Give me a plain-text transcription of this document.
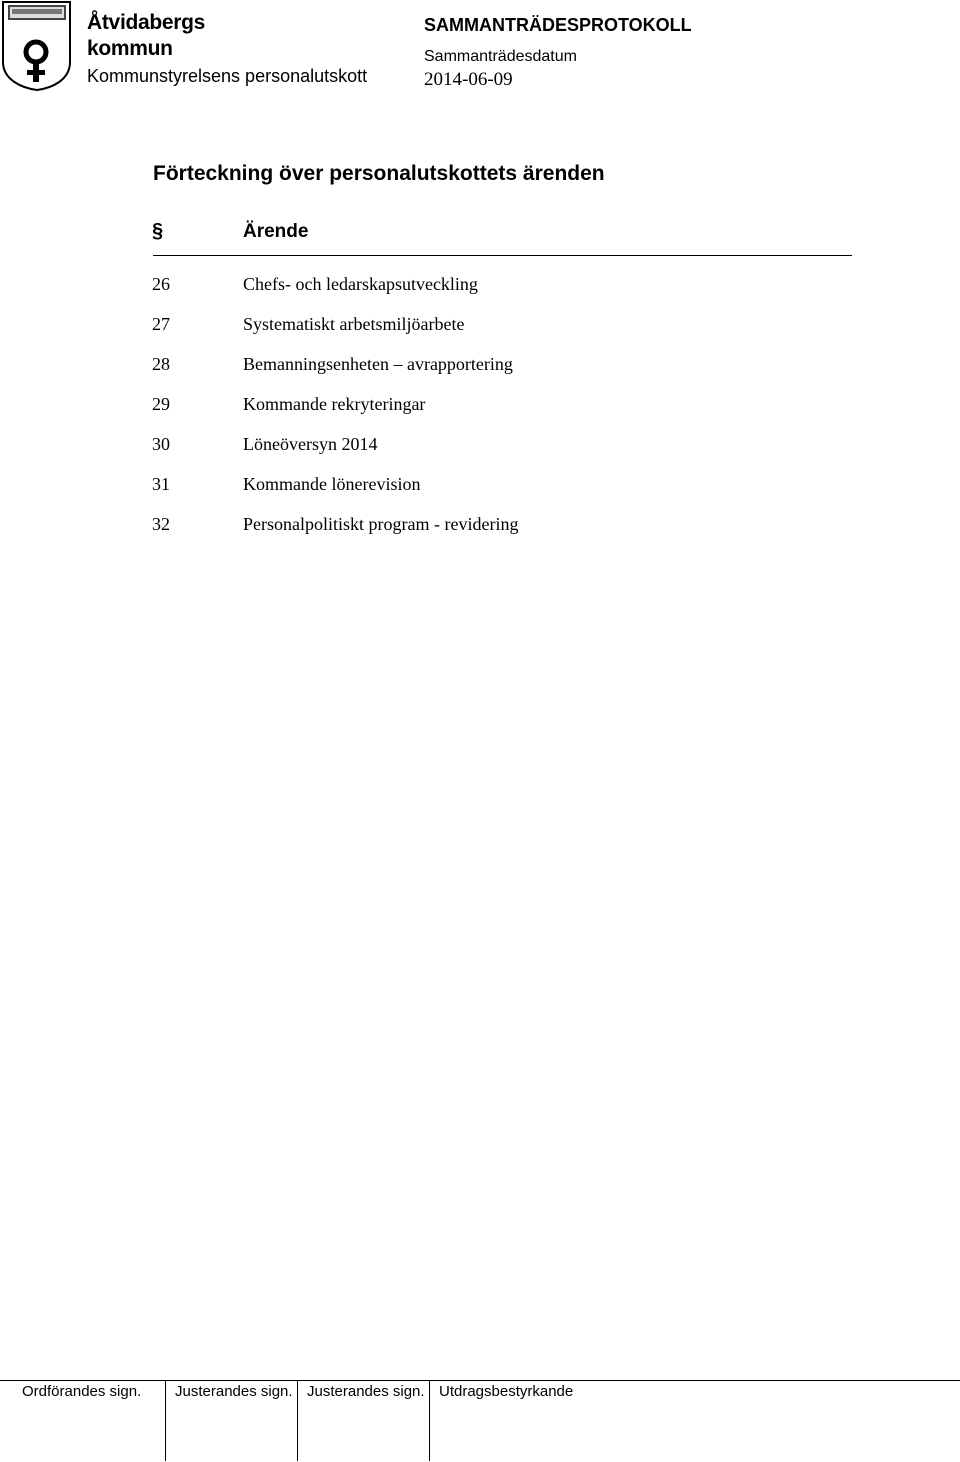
Åtvidabergs
kommun
Kommunstyrelsens personalutskott
SAMMANTRÄDESPROTOKOLL
Sammanträdesdatum
2014-06-09
Förteckning över personalutskottets ärenden
§	Ärende
26	Chefs- och ledarskapsutveckling
27	Systematiskt arbetsmiljöarbete
28	Bemanningsenheten – avrapportering
29	Kommande rekryteringar
30	Löneöversyn 2014
31	Kommande lönerevision
32	Personalpolitiskt program - revidering
Ordförandes sign.	Justerandes sign. Justerandes sign. Utdragsbestyrkande
